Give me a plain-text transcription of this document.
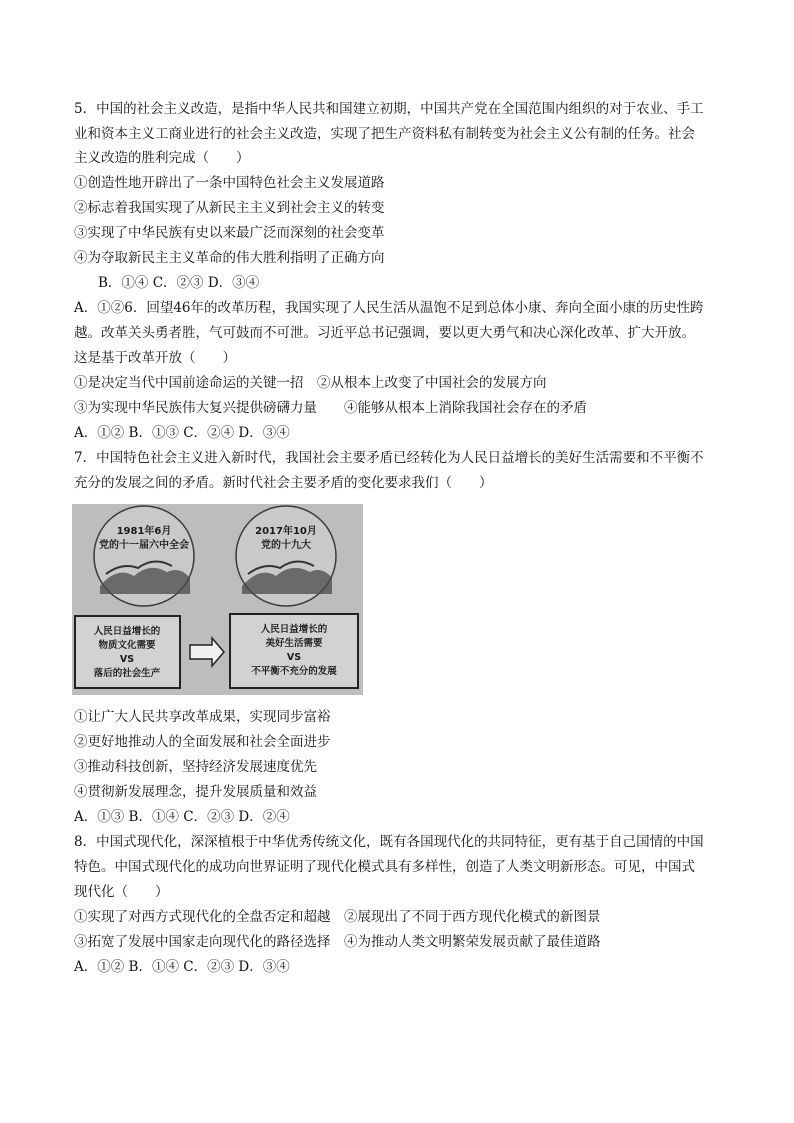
5．中国的社会主义改造，是指中华人民共和国建立初期，中国共产党在全国范围内组织的对于农业、手工
业和资本主义工商业进行的社会主义改造，实现了把生产资料私有制转变为社会主义公有制的任务。社会
主义改造的胜利完成（　　）
①创造性地开辟出了一条中国特色社会主义发展道路
②标志着我国实现了从新民主主义到社会主义的转变
③实现了中华民族有史以来最广泛而深刻的社会变革
④为夺取新民主主义革命的伟大胜利指明了正确方向
B．①④ C．②③ D．③④
A．①②6．回望46年的改革历程，我国实现了人民生活从温饱不足到总体小康、奔向全面小康的历史性跨
越。改革关头勇者胜，气可鼓而不可泄。习近平总书记强调，要以更大勇气和决心深化改革、扩大开放。
这是基于改革开放（　　）
①是决定当代中国前途命运的关键一招　②从根本上改变了中国社会的发展方向
③为实现中华民族伟大复兴提供磅礴力量　　④能够从根本上消除我国社会存在的矛盾
A．①② B．①③ C．②④ D．③④
7．中国特色社会主义进入新时代，我国社会主要矛盾已经转化为人民日益增长的美好生活需要和不平衡不
充分的发展之间的矛盾。新时代社会主要矛盾的变化要求我们（　　）
1981年6月
党的十一届六中全会
2017年10月
党的十九大
人民日益增长的
物质文化需要
VS
落后的社会生产
人民日益增长的
美好生活需要
VS
不平衡不充分的发展
①让广大人民共享改革成果，实现同步富裕
②更好地推动人的全面发展和社会全面进步
③推动科技创新，坚持经济发展速度优先
④贯彻新发展理念，提升发展质量和效益
A．①③ B．①④ C．②③ D．②④
8．中国式现代化，深深植根于中华优秀传统文化，既有各国现代化的共同特征，更有基于自己国情的中国
特色。中国式现代化的成功向世界证明了现代化模式具有多样性，创造了人类文明新形态。可见，中国式
现代化（　　）
①实现了对西方式现代化的全盘否定和超越　②展现出了不同于西方现代化模式的新图景
③拓宽了发展中国家走向现代化的路径选择　④为推动人类文明繁荣发展贡献了最佳道路
A．①② B．①④ C．②③ D．③④
